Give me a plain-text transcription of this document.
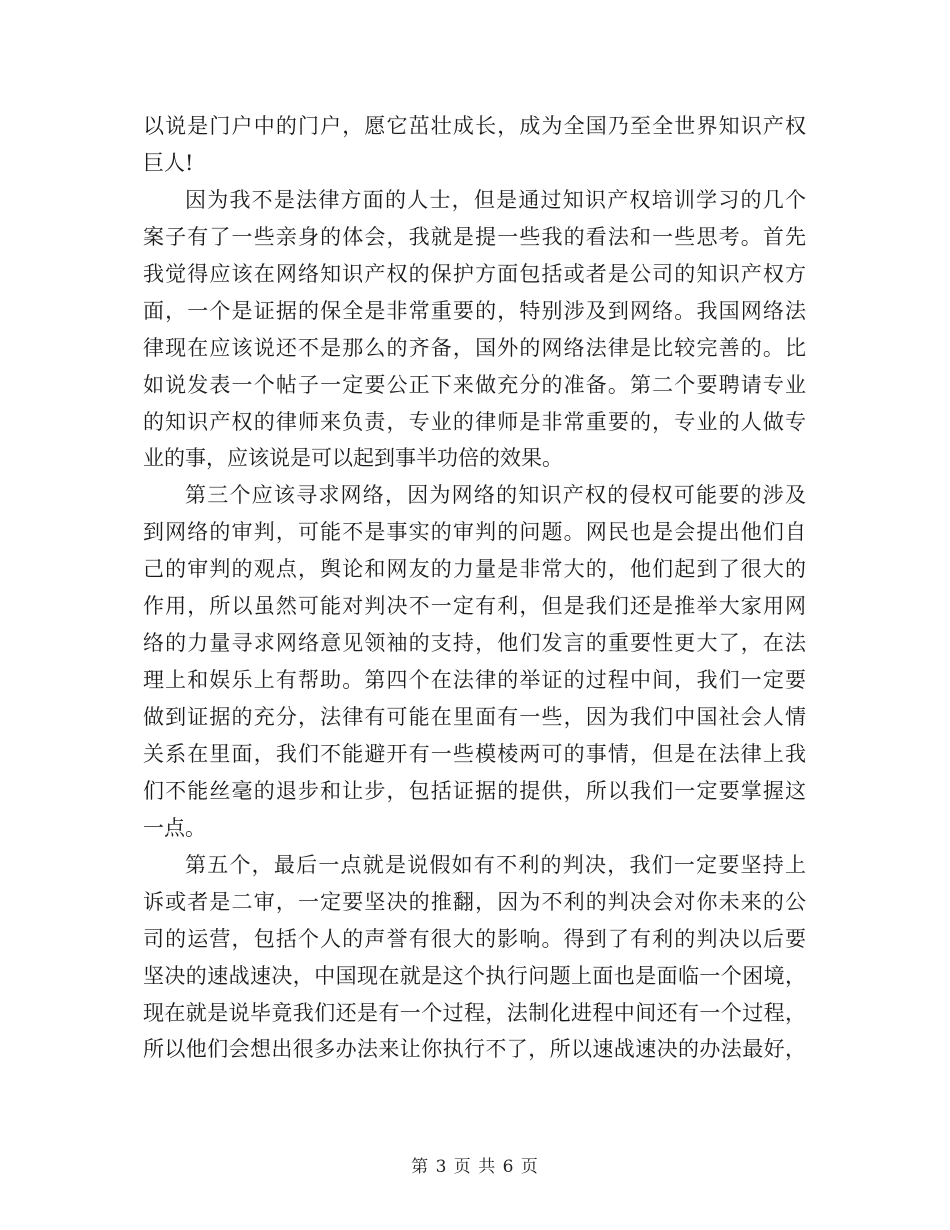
以说是门户中的门户，愿它茁壮成长，成为全国乃至全世界知识产权
巨人!
因为我不是法律方面的人士，但是通过知识产权培训学习的几个
案子有了一些亲身的体会，我就是提一些我的看法和一些思考。首先
我觉得应该在网络知识产权的保护方面包括或者是公司的知识产权方
面，一个是证据的保全是非常重要的，特别涉及到网络。我国网络法
律现在应该说还不是那么的齐备，国外的网络法律是比较完善的。比
如说发表一个帖子一定要公正下来做充分的准备。第二个要聘请专业
的知识产权的律师来负责，专业的律师是非常重要的，专业的人做专
业的事，应该说是可以起到事半功倍的效果。
第三个应该寻求网络，因为网络的知识产权的侵权可能要的涉及
到网络的审判，可能不是事实的审判的问题。网民也是会提出他们自
己的审判的观点，舆论和网友的力量是非常大的，他们起到了很大的
作用，所以虽然可能对判决不一定有利，但是我们还是推举大家用网
络的力量寻求网络意见领袖的支持，他们发言的重要性更大了，在法
理上和娱乐上有帮助。第四个在法律的举证的过程中间，我们一定要
做到证据的充分，法律有可能在里面有一些，因为我们中国社会人情
关系在里面，我们不能避开有一些模棱两可的事情，但是在法律上我
们不能丝毫的退步和让步，包括证据的提供，所以我们一定要掌握这
一点。
第五个，最后一点就是说假如有不利的判决，我们一定要坚持上
诉或者是二审，一定要坚决的推翻，因为不利的判决会对你未来的公
司的运营，包括个人的声誉有很大的影响。得到了有利的判决以后要
坚决的速战速决，中国现在就是这个执行问题上面也是面临一个困境，
现在就是说毕竟我们还是有一个过程，法制化进程中间还有一个过程，
所以他们会想出很多办法来让你执行不了，所以速战速决的办法最好，
第 3 页 共 6 页
